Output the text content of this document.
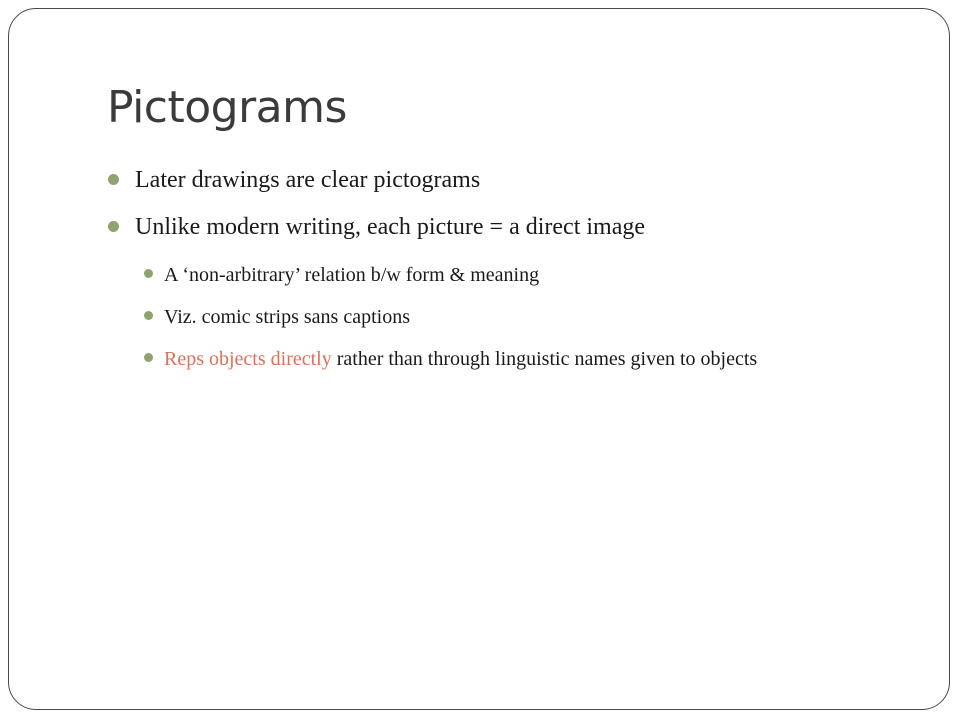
Pictograms
Later drawings are clear pictograms
Unlike modern writing, each picture = a direct image
A ‘non-arbitrary’ relation b/w form & meaning
Viz. comic strips sans captions
Reps objects directly rather than through linguistic names given to objects
